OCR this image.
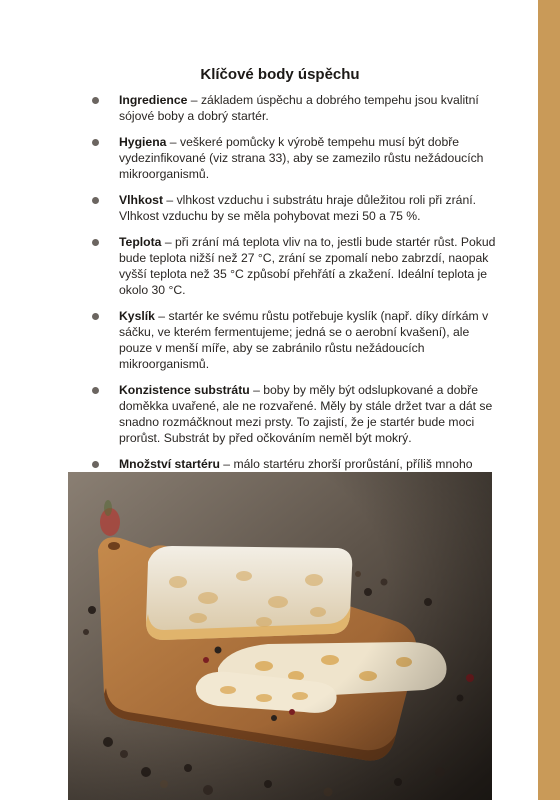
Klíčové body úspěchu
Ingredience – základem úspěchu a dobrého tempehu jsou kvalitní sójové boby a dobrý startér.
Hygiena – veškeré pomůcky k výrobě tempehu musí být dobře vydezinfikované (viz strana 33), aby se zamezilo růstu nežádoucích mikroorganismů.
Vlhkost – vlhkost vzduchu i substrátu hraje důležitou roli při zrání. Vlhkost vzduchu by se měla pohybovat mezi 50 a 75 %.
Teplota – při zrání má teplota vliv na to, jestli bude startér růst. Pokud bude teplota nižší než 27 °C, zrání se zpomalí nebo zabrzdí, naopak vyšší teplota než 35 °C způsobí přehřátí a zkažení. Ideální teplota je okolo 30 °C.
Kyslík – startér ke svému růstu potřebuje kyslík (např. díky dírkám v sáčku, ve kterém fermentujeme; jedná se o aerobní kvašení), ale pouze v menší míře, aby se zabránilo růstu nežádoucích mikroorganismů.
Konzistence substrátu – boby by měly být odslupkované a dobře doměkka uvařené, ale ne rozvařené. Měly by stále držet tvar a dát se snadno rozmáčknout mezi prsty. To zajistí, že je startér bude moci prorůst. Substrát by před očkováním neměl být mokrý.
Množství startéru – málo startéru zhorší prorůstání, příliš mnoho
